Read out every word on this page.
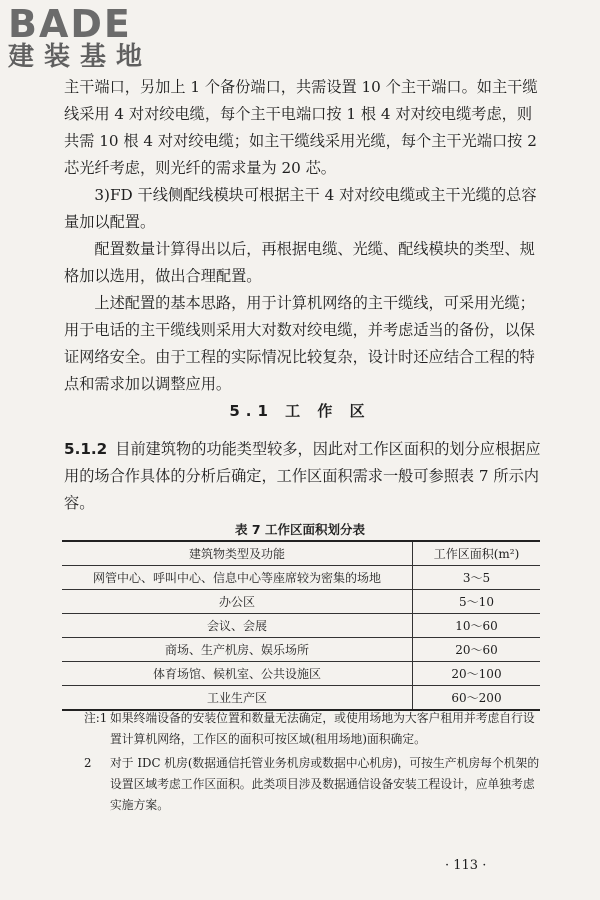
BADE
建装基地

主干端口，另加上 1 个备份端口，共需设置 10 个主干端口。如主干缆线采用 4 对对绞电缆，每个主干电端口按 1 根 4 对对绞电缆考虑，则共需 10 根 4 对对绞电缆；如主干缆线采用光缆，每个主干光端口按 2 芯光纤考虑，则光纤的需求量为 20 芯。

3)FD 干线侧配线模块可根据主干 4 对对绞电缆或主干光缆的总容量加以配置。

配置数量计算得出以后，再根据电缆、光缆、配线模块的类型、规格加以选用，做出合理配置。

上述配置的基本思路，用于计算机网络的主干缆线，可采用光缆；用于电话的主干缆线则采用大对数对绞电缆，并考虑适当的备份，以保证网络安全。由于工程的实际情况比较复杂，设计时还应结合工程的特点和需求加以调整应用。

5.1 工 作 区

5.1.2 目前建筑物的功能类型较多，因此对工作区面积的划分应根据应用的场合作具体的分析后确定，工作区面积需求一般可参照表 7 所示内容。

表 7 工作区面积划分表
建筑物类型及功能	工作区面积(m²)
网管中心、呼叫中心、信息中心等座席较为密集的场地	3～5
办公区	5～10
会议、会展	10～60
商场、生产机房、娱乐场所	20～60
体育场馆、候机室、公共设施区	20～100
工业生产区	60～200
注:1 如果终端设备的安装位置和数量无法确定，或使用场地为大客户租用并考虑自行设置计算机网络，工作区的面积可按区域(租用场地)面积确定。
2 对于 IDC 机房(数据通信托管业务机房或数据中心机房)，可按生产机房每个机架的设置区域考虑工作区面积。此类项目涉及数据通信设备安装工程设计，应单独考虑实施方案。
· 113 ·
